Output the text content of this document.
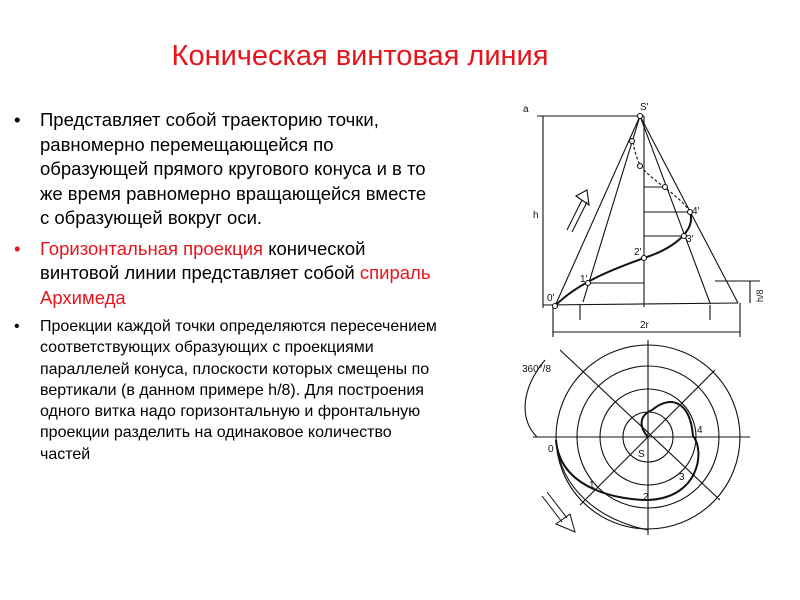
Коническая винтовая линия
• Представляет собой траекторию точки, равномерно перемещающейся по образующей прямого кругового конуса и в то же время равномерно вращающейся вместе с образующей вокруг оси.
• Горизонтальная проекция конической винтовой линии представляет собой спираль Архимеда
• Проекции каждой точки определяются пересечением соответствующих образующих с проекциями параллелей конуса, плоскости которых смещены по вертикали (в данном примере h/8). Для построения одного витка надо горизонтальную и фронтальную проекции разделить на одинаковое количество частей
S'
a
h
2r
h/8
0'
1'
2'
3'
4'
360°/8
0
1
2
3
4
S
